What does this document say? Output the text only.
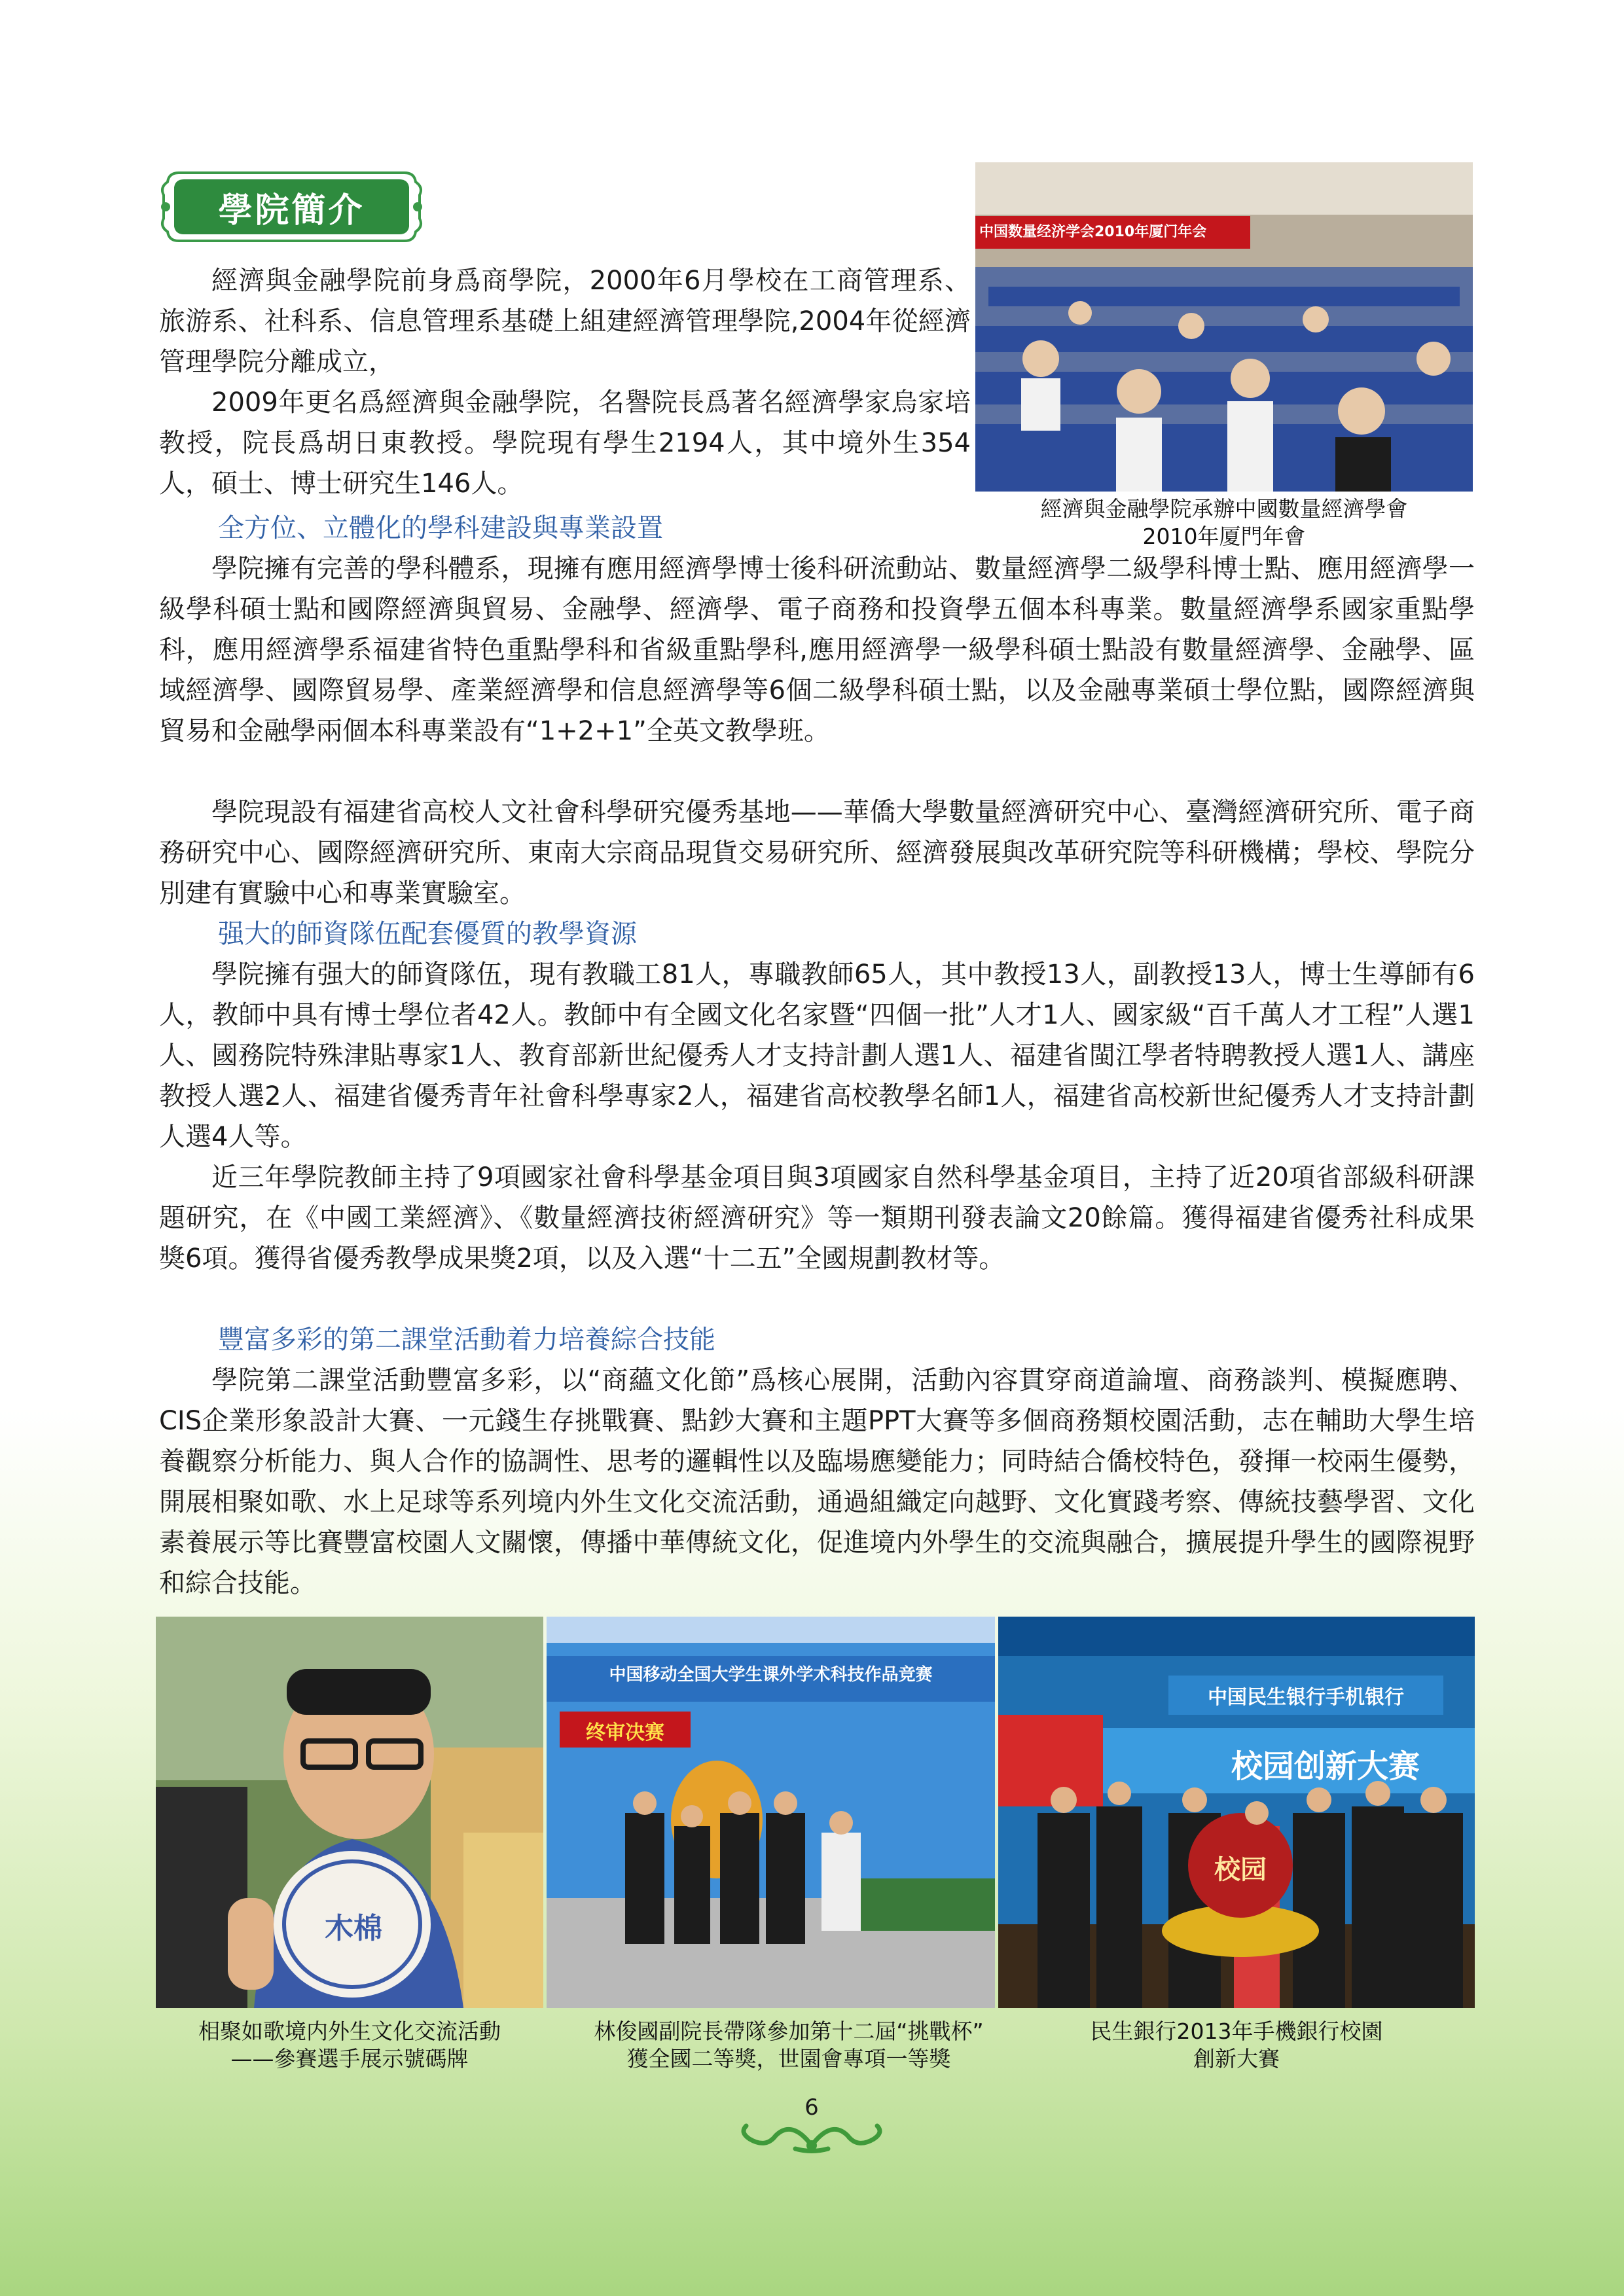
學院簡介

經濟與金融學院前身爲商學院，2000年6月學校在工商管理系、旅游系、社科系、信息管理系基礎上組建經濟管理學院,2004年從經濟管理學院分離成立，

2009年更名爲經濟與金融學院，名譽院長爲著名經濟學家烏家培教授，院長爲胡日東教授。學院現有學生2194人，其中境外生354人，碩士、博士研究生146人。

中国数量经济学会2010年厦门年会

經濟與金融學院承辦中國數量經濟學會

2010年厦門年會

全方位、立體化的學科建設與專業設置

學院擁有完善的學科體系，現擁有應用經濟學博士後科研流動站、數量經濟學二級學科博士點、應用經濟學一級學科碩士點和國際經濟與貿易、金融學、經濟學、電子商務和投資學五個本科專業。數量經濟學系國家重點學科，應用經濟學系福建省特色重點學科和省級重點學科,應用經濟學一級學科碩士點設有數量經濟學、金融學、區域經濟學、國際貿易學、產業經濟學和信息經濟學等6個二級學科碩士點，以及金融專業碩士學位點，國際經濟與貿易和金融學兩個本科專業設有“1+2+1”全英文教學班。

學院現設有福建省高校人文社會科學研究優秀基地——華僑大學數量經濟研究中心、臺灣經濟研究所、電子商務研究中心、國際經濟研究所、東南大宗商品現貨交易研究所、經濟發展與改革研究院等科研機構；學校、學院分別建有實驗中心和專業實驗室。

强大的師資隊伍配套優質的教學資源

學院擁有强大的師資隊伍，現有教職工81人，專職教師65人，其中教授13人，副教授13人，博士生導師有6人，教師中具有博士學位者42人。教師中有全國文化名家暨“四個一批”人才1人、國家級“百千萬人才工程”人選1人、國務院特殊津貼專家1人、教育部新世紀優秀人才支持計劃人選1人、福建省閩江學者特聘教授人選1人、講座教授人選2人、福建省優秀青年社會科學專家2人，福建省高校教學名師1人，福建省高校新世紀優秀人才支持計劃人選4人等。

近三年學院教師主持了9項國家社會科學基金項目與3項國家自然科學基金項目，主持了近20項省部級科研課題研究，在《中國工業經濟》、《數量經濟技術經濟研究》等一類期刊發表論文20餘篇。獲得福建省優秀社科成果獎6項。獲得省優秀教學成果獎2項，以及入選“十二五”全國規劃教材等。

豐富多彩的第二課堂活動着力培養綜合技能

學院第二課堂活動豐富多彩，以“商蘊文化節”爲核心展開，活動內容貫穿商道論壇、商務談判、模擬應聘、CIS企業形象設計大賽、一元錢生存挑戰賽、點鈔大賽和主題PPT大賽等多個商務類校園活動，志在輔助大學生培養觀察分析能力、與人合作的協調性、思考的邏輯性以及臨場應變能力；同時結合僑校特色，發揮一校兩生優勢，開展相聚如歌、水上足球等系列境内外生文化交流活動，通過組織定向越野、文化實踐考察、傳統技藝學習、文化素養展示等比賽豐富校園人文關懷，傳播中華傳統文化，促進境内外學生的交流與融合，擴展提升學生的國際視野和綜合技能。

木棉

相聚如歌境内外生文化交流活動

——參賽選手展示號碼牌

中国移动全国大学生课外学术科技作品竞赛
终审决赛

林俊國副院長帶隊參加第十二屆“挑戰杯”

獲全國二等獎，世園會專項一等獎

中国民生银行手机银行
校园创新大赛
校园

民生銀行2013年手機銀行校園

創新大賽

6
